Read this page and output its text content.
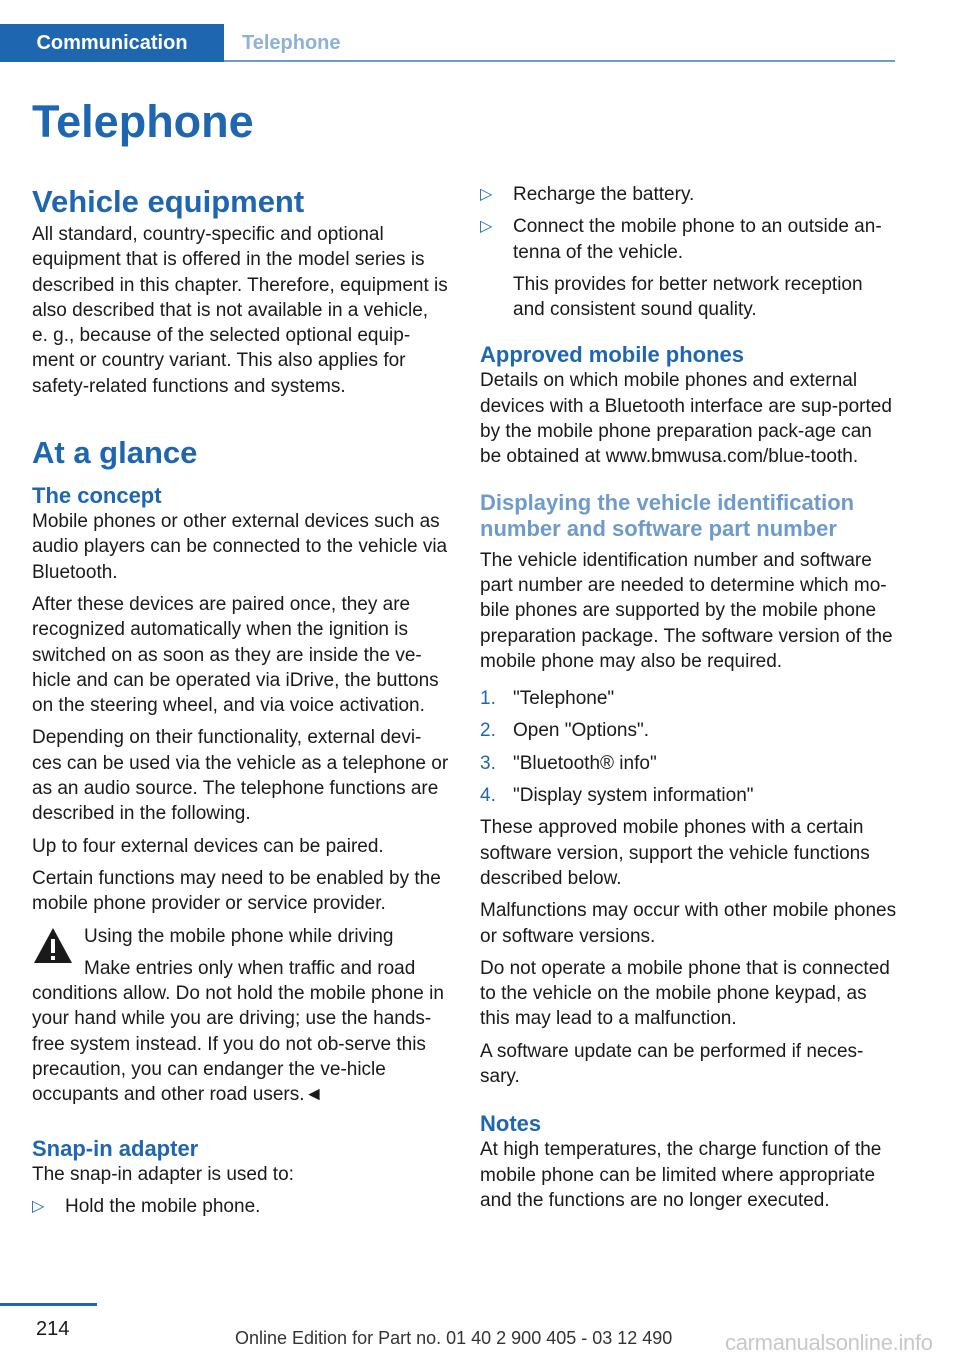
Communication	Telephone
Telephone
Vehicle equipment

All standard, country-specific and optional equipment that is offered in the model series is described in this chapter. Therefore, equipment is also described that is not available in a vehicle, e. g., because of the selected optional equip-ment or country variant. This also applies for safety-related functions and systems.

At a glance
The concept

Mobile phones or other external devices such as audio players can be connected to the vehicle via Bluetooth.

After these devices are paired once, they are recognized automatically when the ignition is switched on as soon as they are inside the ve-hicle and can be operated via iDrive, the buttons on the steering wheel, and via voice activation.

Depending on their functionality, external devi-ces can be used via the vehicle as a telephone or as an audio source. The telephone functions are described in the following.

Up to four external devices can be paired.

Certain functions may need to be enabled by the mobile phone provider or service provider.

Using the mobile phone while driving
Make entries only when traffic and road conditions allow. Do not hold the mobile phone in your hand while you are driving; use the hands-free system instead. If you do not ob-serve this precaution, you can endanger the ve-hicle occupants and other road users.◄
Snap-in adapter

The snap-in adapter is used to:

▷ Hold the mobile phone.
▷ Recharge the battery.
▷ Connect the mobile phone to an outside an-tenna of the vehicle.

This provides for better network reception and consistent sound quality.

Approved mobile phones

Details on which mobile phones and external devices with a Bluetooth interface are sup-ported by the mobile phone preparation pack-age can be obtained at www.bmwusa.com/blue-tooth.

Displaying the vehicle identification number and software part number

The vehicle identification number and software part number are needed to determine which mo-bile phones are supported by the mobile phone preparation package. The software version of the mobile phone may also be required.

1. "Telephone"
2. Open "Options".
3. "Bluetooth® info"
4. "Display system information"

These approved mobile phones with a certain software version, support the vehicle functions described below.

Malfunctions may occur with other mobile phones or software versions.

Do not operate a mobile phone that is connected to the vehicle on the mobile phone keypad, as this may lead to a malfunction.

A software update can be performed if neces-sary.

Notes

At high temperatures, the charge function of the mobile phone can be limited where appropriate and the functions are no longer executed.

214	Online Edition for Part no. 01 40 2 900 405 - 03 12 490 carmanualsonline.info
